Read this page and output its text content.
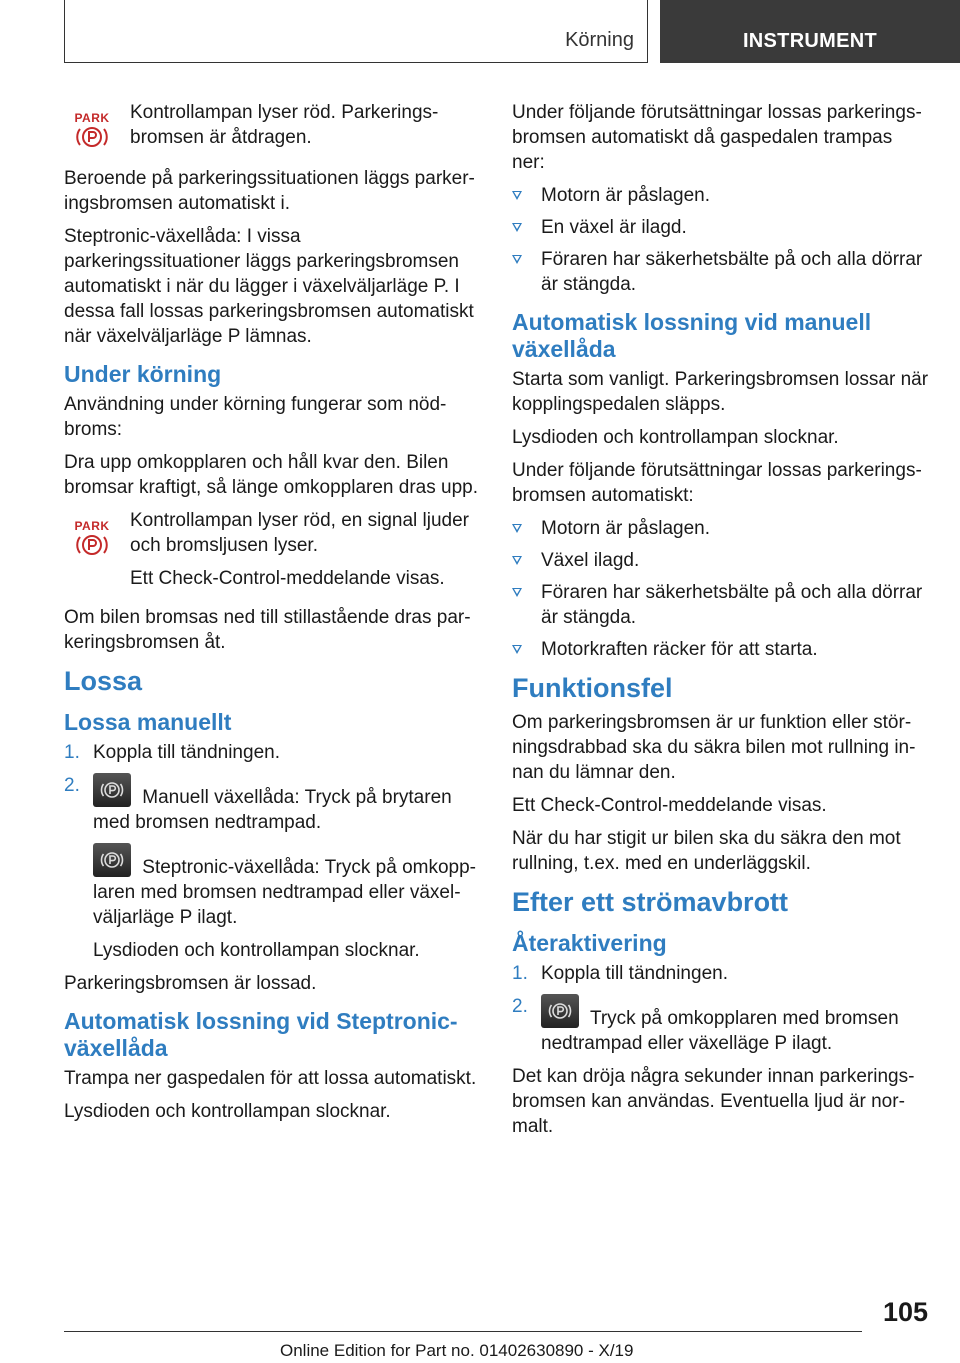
Körning	INSTRUMENT
PARK Kontrollampan lyser röd. Parkeringsbromsen är åtdragen.

Beroende på parkeringssituationen läggs parkeringsbromsen automatiskt i.

Steptronic-växellåda: I vissa parkeringssituationer läggs parkeringsbromsen automatiskt i när du lägger i växelväljarläge P. I dessa fall lossas parkeringsbromsen automatiskt när växelväljarläge P lämnas.

Under körning

Användning under körning fungerar som nödbroms:

Dra upp omkopplaren och håll kvar den. Bilen bromsar kraftigt, så länge omkopplaren dras upp.

PARK Kontrollampan lyser röd, en signal ljuder och bromsljusen lyser.

Ett Check-Control-meddelande visas.

Om bilen bromsas ned till stillastående dras parkeringsbromsen åt.

Lossa
Lossa manuellt
1. Koppla till tändningen.
2.
Manuell växellåda: Tryck på brytaren med bromsen nedtrampad.
Steptronic-växellåda: Tryck på omkopplaren med bromsen nedtrampad eller växelväljarläge P ilagt.

Lysdioden och kontrollampan slocknar.

Parkeringsbromsen är lossad.

Automatisk lossning vid Steptronic-växellåda

Trampa ner gaspedalen för att lossa automatiskt.

Lysdioden och kontrollampan slocknar.

Under följande förutsättningar lossas parkeringsbromsen automatiskt då gaspedalen trampas ner:

Motorn är påslagen.
En växel är ilagd.
Föraren har säkerhetsbälte på och alla dörrar är stängda.
Automatisk lossning vid manuell växellåda

Starta som vanligt. Parkeringsbromsen lossar när kopplingspedalen släpps.

Lysdioden och kontrollampan slocknar.

Under följande förutsättningar lossas parkeringsbromsen automatiskt:

Motorn är påslagen.
Växel ilagd.
Föraren har säkerhetsbälte på och alla dörrar är stängda.
Motorkraften räcker för att starta.
Funktionsfel

Om parkeringsbromsen är ur funktion eller störningsdrabbad ska du säkra bilen mot rullning innan du lämnar den.

Ett Check-Control-meddelande visas.

När du har stigit ur bilen ska du säkra den mot rullning, t.ex. med en underläggskil.

Efter ett strömavbrott
Återaktivering
1. Koppla till tändningen.
2.
Tryck på omkopplaren med bromsen nedtrampad eller växelläge P ilagt.

Det kan dröja några sekunder innan parkeringsbromsen kan användas. Eventuella ljud är normalt.

105
Online Edition for Part no. 01402630890 - X/19
